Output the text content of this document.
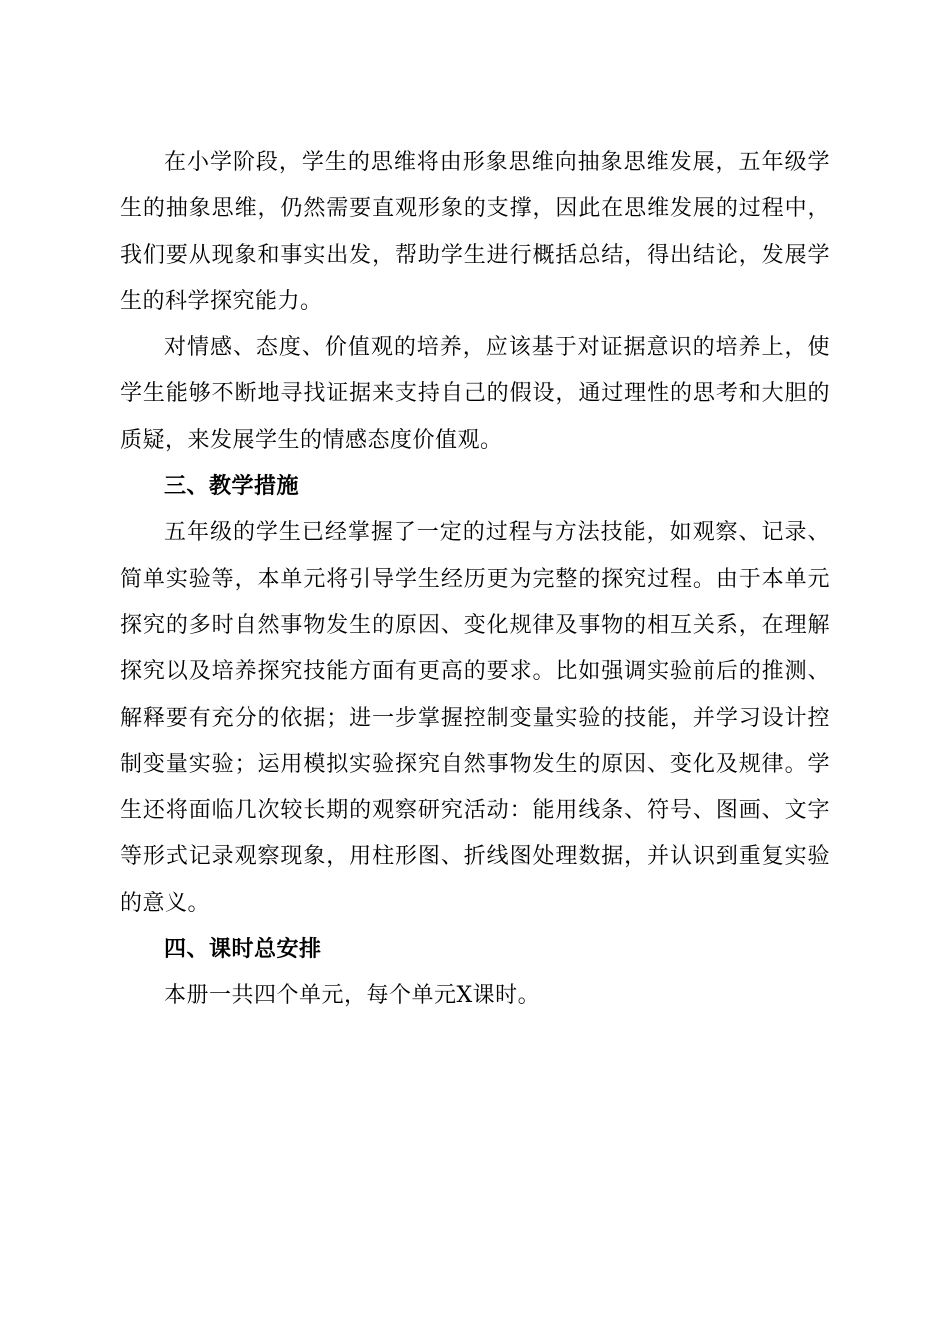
在小学阶段，学生的思维将由形象思维向抽象思维发展，五年级学生的抽象思维，仍然需要直观形象的支撑，因此在思维发展的过程中，我们要从现象和事实出发，帮助学生进行概括总结，得出结论，发展学生的科学探究能力。

对情感、态度、价值观的培养，应该基于对证据意识的培养上，使学生能够不断地寻找证据来支持自己的假设，通过理性的思考和大胆的质疑，来发展学生的情感态度价值观。

三、教学措施

五年级的学生已经掌握了一定的过程与方法技能，如观察、记录、简单实验等，本单元将引导学生经历更为完整的探究过程。由于本单元探究的多时自然事物发生的原因、变化规律及事物的相互关系，在理解探究以及培养探究技能方面有更高的要求。比如强调实验前后的推测、解释要有充分的依据；进一步掌握控制变量实验的技能，并学习设计控制变量实验；运用模拟实验探究自然事物发生的原因、变化及规律。学生还将面临几次较长期的观察研究活动：能用线条、符号、图画、文字等形式记录观察现象，用柱形图、折线图处理数据，并认识到重复实验的意义。

四、课时总安排

本册一共四个单元，每个单元X课时。
